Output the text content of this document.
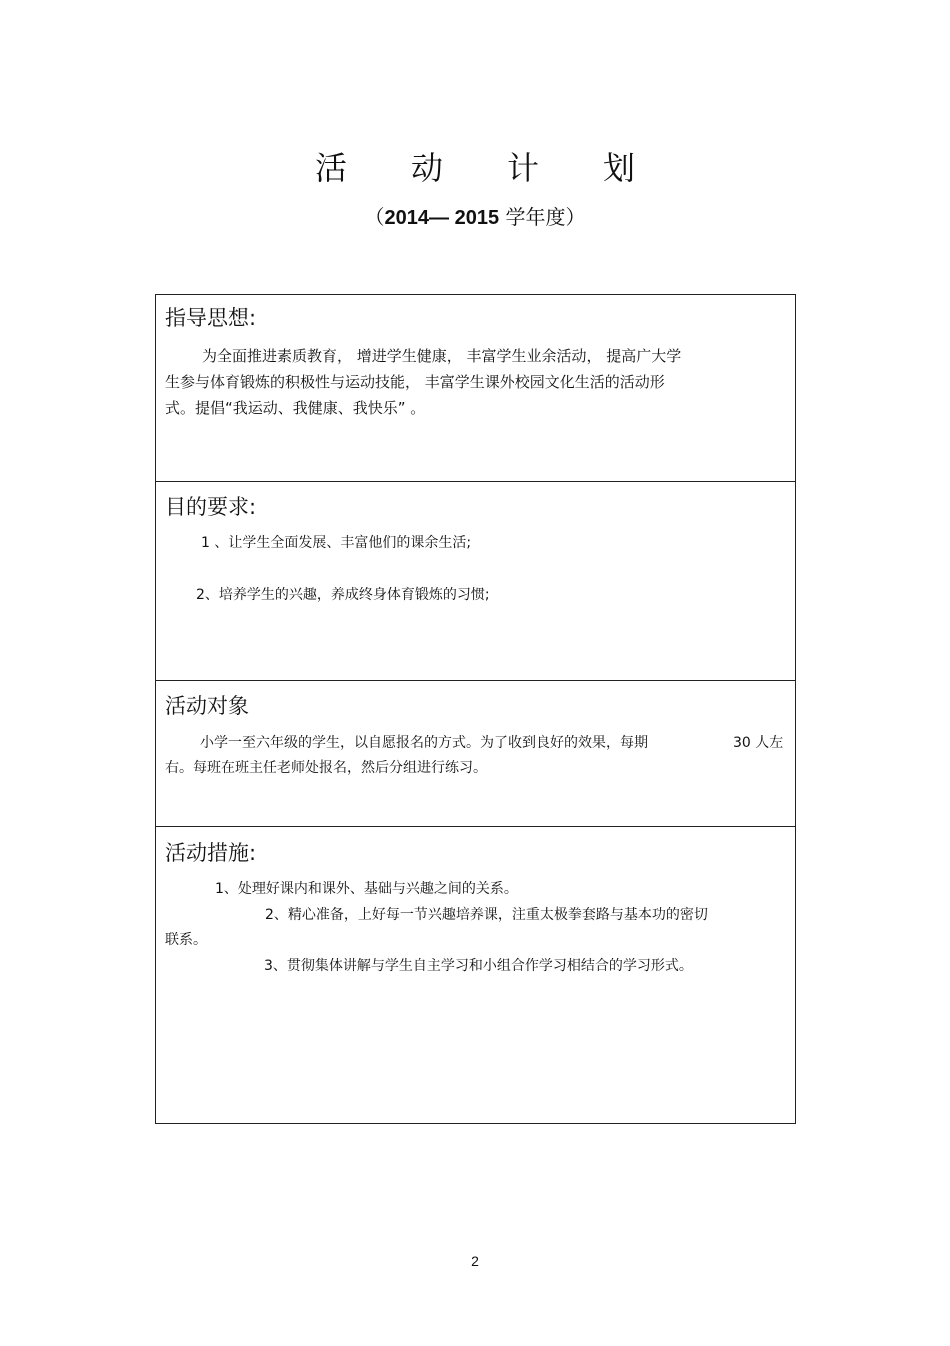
活动计划
（2014— 2015 学年度）
指导思想:
为全面推进素质教育， 增进学生健康， 丰富学生业余活动， 提高广大学
生参与体育锻炼的积极性与运动技能， 丰富学生课外校园文化生活的活动形
式。提倡“我运动、我健康、我快乐” 。
目的要求:
1 、让学生全面发展、丰富他们的课余生活;
2、培养学生的兴趣，养成终身体育锻炼的习惯;
活动对象
小学一至六年级的学生，以自愿报名的方式。为了收到良好的效果，每期	30 人左
右。每班在班主任老师处报名，然后分组进行练习。
活动措施:
1、处理好课内和课外、基础与兴趣之间的关系。
2、精心准备，上好每一节兴趣培养课，注重太极拳套路与基本功的密切
联系。
3、贯彻集体讲解与学生自主学习和小组合作学习相结合的学习形式。
2
